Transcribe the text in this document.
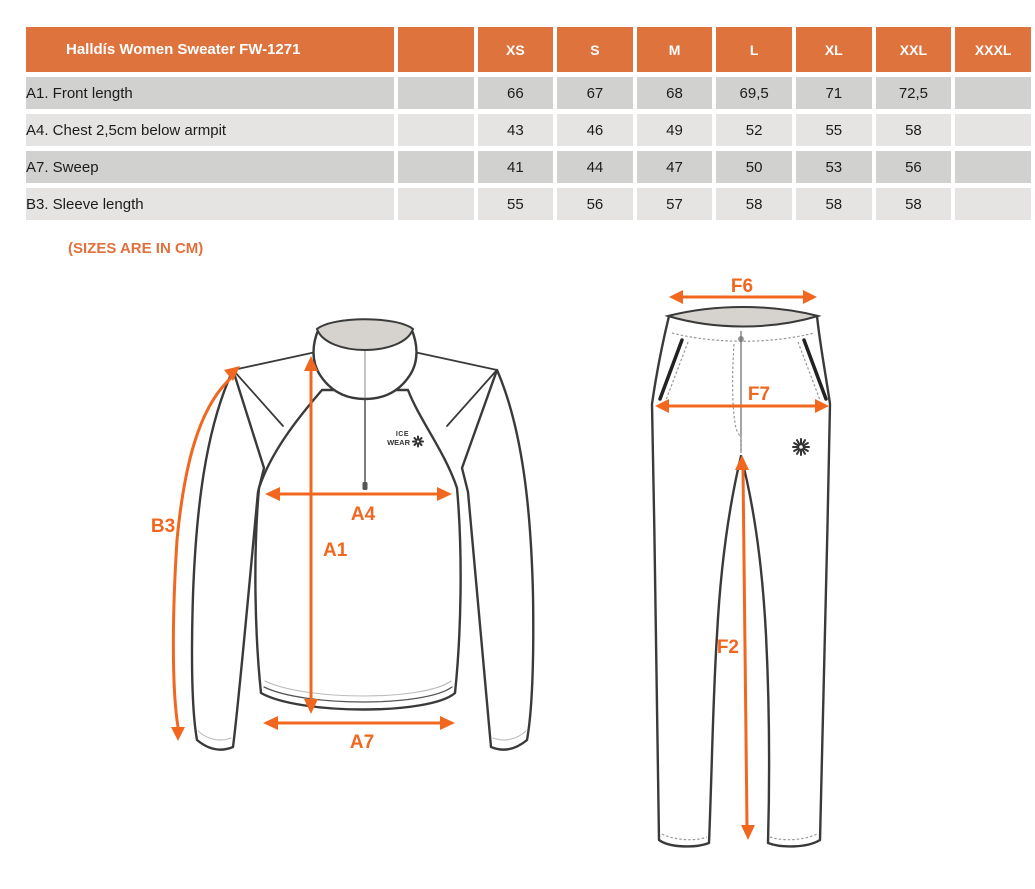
Halldís Women Sweater FW-1271		XS	S	M	L	XL	XXL	XXXL
A1. Front length		66	67	68	69,5	71	72,5	
A4. Chest 2,5cm below armpit		43	46	49	52	55	58	
A7. Sweep		41	44	47	50	53	56	
B3. Sleeve length		55	56	57	58	58	58	
(SIZES ARE IN CM)
ICE
WEAR
B3
A4
A1
A7
F6
F7
F2
